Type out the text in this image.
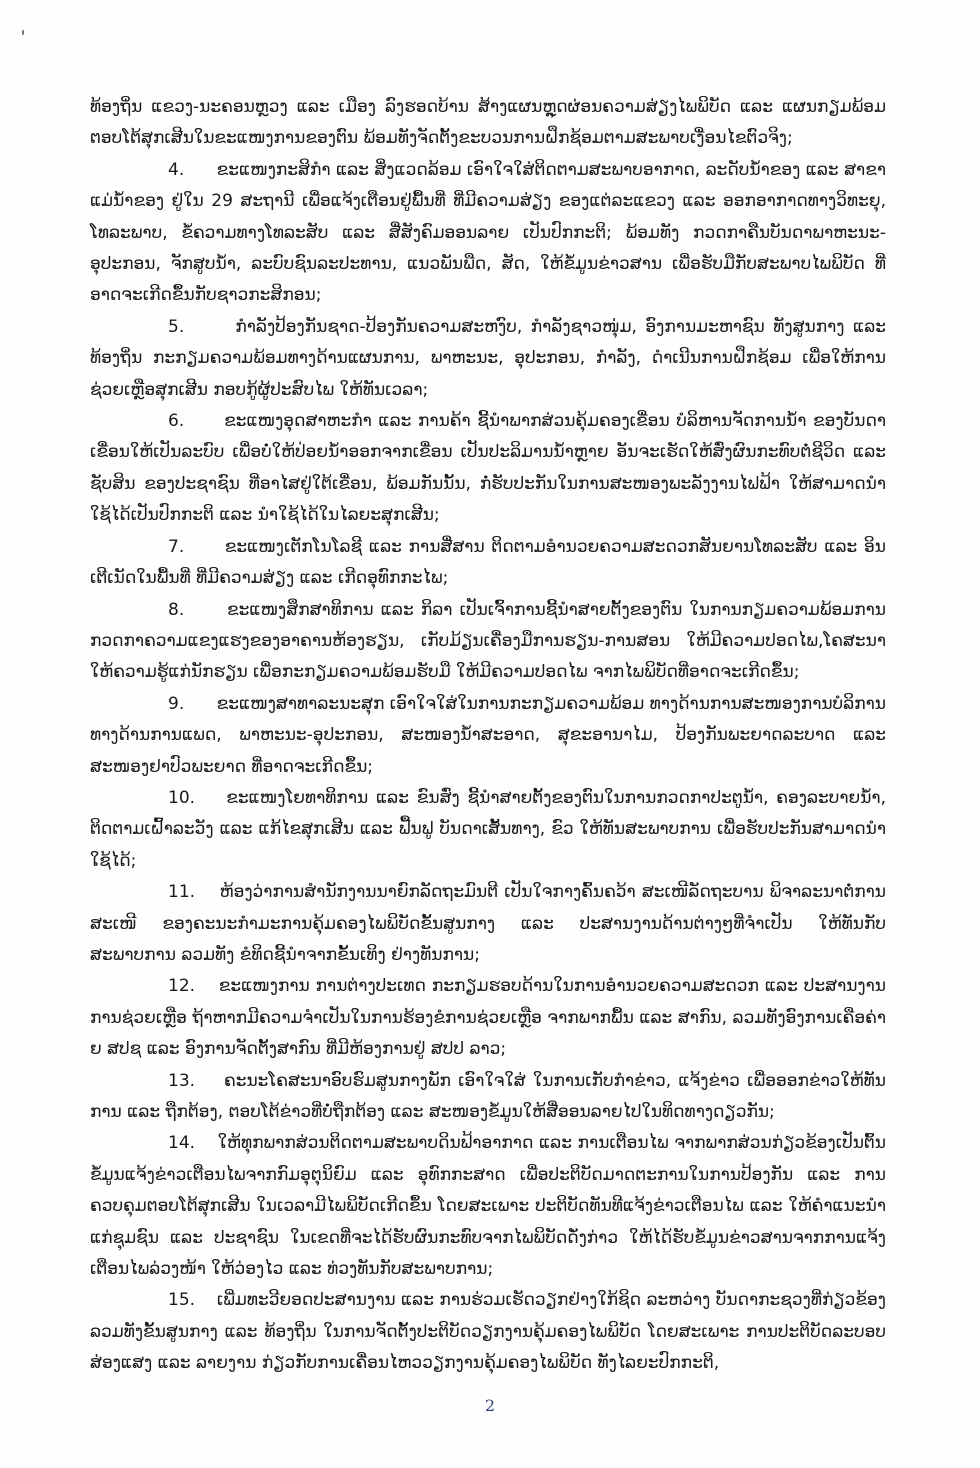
ທ້ອງຖິ່ນ ແຂວງ-ນະຄອນຫຼວງ ແລະ ເມືອງ ລົງຮອດບ້ານ ສ້າງແຜນຫຼຸດຜ່ອນຄວາມສ່ຽງໄພພິບັດ ແລະ ແຜນກຽມພ້ອມຕອບໂຕ້ສຸກເສີນໃນຂະແໜງການຂອງຕົນ ພ້ອມທັງຈັດຕັ້ງຂະບວນການຝຶກຊ້ອມຕາມສະພາບເງື່ອນໄຂຕົວຈິງ;

4. ຂະແໜງກະສິກໍາ ແລະ ສິ່ງແວດລ້ອມ ເອົາໃຈໃສ່ຕິດຕາມສະພາບອາກາດ, ລະດັບນໍ້າຂອງ ແລະ ສາຂາແມ່ນໍ້າຂອງ ຢູ່ໃນ 29 ສະຖານີ ເພື່ອແຈ້ງເຕືອນຢູ່ພື້ນທີ່ ທີ່ມີຄວາມສ່ຽງ ຂອງແຕ່ລະແຂວງ ແລະ ອອກອາກາດທາງວິທະຍຸ, ໂທລະພາບ, ຂໍ້ຄວາມທາງໂທລະສັບ ແລະ ສື່ສັງຄົມອອນລາຍ ເປັນປົກກະຕິ; ພ້ອມທັງ ກວດກາຄືນບັນດາພາຫະນະ-ອຸປະກອນ, ຈັກສູບນໍ້າ, ລະບົບຊົນລະປະທານ, ແນວພັນພືດ, ສັດ, ໃຫ້ຂໍ້ມູນຂ່າວສານ ເພື່ອຮັບມືກັບສະພາບໄພພິບັດ ທີ່ອາດຈະເກີດຂຶ້ນກັບຊາວກະສິກອນ;

5.	ກໍາລັງປ້ອງກັນຊາດ-ປ້ອງກັນຄວາມສະຫງົບ, ກໍາລັງຊາວໜຸ່ມ, ອົງການມະຫາຊົນ ທັງສູນກາງ ແລະ ທ້ອງຖິ່ນ ກະກຽມຄວາມພ້ອມທາງດ້ານແຜນການ, ພາຫະນະ, ອຸປະກອນ, ກໍາລັງ, ດໍາເນີນການຝຶກຊ້ອມ ເພື່ອໃຫ້ການຊ່ວຍເຫຼືອສຸກເສີນ ກອບກູ້ຜູ້ປະສົບໄພ ໃຫ້ທັນເວລາ;

6. ຂະແໜງອຸດສາຫະກໍາ ແລະ ການຄ້າ ຊີ້ນໍາພາກສ່ວນຄຸ້ມຄອງເຂື່ອນ ບໍລິຫານຈັດການນໍ້າ ຂອງບັນດາເຂື່ອນໃຫ້ເປັນລະບົບ ເພື່ອບໍ່ໃຫ້ປ່ອຍນໍ້າອອກຈາກເຂື່ອນ ເປັນປະລິມານນໍ້າຫຼາຍ ອັນຈະເຮັດໃຫ້ສົ່ງຜົນກະທົບຕໍ່ຊີວິດ ແລະ ຊັບສິນ ຂອງປະຊາຊົນ ທີ່ອາໄສຢູ່ໃຕ້ເຂື່ອນ, ພ້ອມກັນນັ້ນ, ກໍ່ຮັບປະກັນໃນການສະໜອງພະລັງງານໄຟຟ້າ ໃຫ້ສາມາດນໍາໃຊ້ໄດ້ເປັນປົກກະຕິ ແລະ ນໍາໃຊ້ໄດ້ໃນໄລຍະສຸກເສີນ;

7. ຂະແໜງເຕັກໂນໂລຊີ ແລະ ການສື່ສານ ຕິດຕາມອໍານວຍຄວາມສະດວກສັນຍານໂທລະສັບ ແລະ ອິນເຕີເນັດໃນພື້ນທີ່ ທີ່ມີຄວາມສ່ຽງ ແລະ ເກີດອຸທົກກະໄພ;

8.	ຂະແໜງສຶກສາທິການ ແລະ ກິລາ ເປັນເຈົ້າການຊີ້ນໍາສາຍຕັ້ງຂອງຕົນ ໃນການກຽມຄວາມພ້ອມການກວດກາຄວາມແຂງແຮງຂອງອາຄານຫ້ອງຮຽນ, ເກັບມ້ຽນເຄື່ອງມືການຮຽນ-ການສອນ ໃຫ້ມີຄວາມປອດໄພ,ໂຄສະນາ ໃຫ້ຄວາມຮູ້ແກ່ນັກຮຽນ ເພື່ອກະກຽມຄວາມພ້ອມຮັບມື ໃຫ້ມີຄວາມປອດໄພ ຈາກໄພພິບັດທີ່ອາດຈະເກີດຂຶ້ນ;

9. ຂະແໜງສາທາລະນະສຸກ ເອົາໃຈໃສ່ໃນການກະກຽມຄວາມພ້ອມ ທາງດ້ານການສະໜອງການບໍລິການທາງດ້ານການແພດ, ພາຫະນະ-ອຸປະກອນ, ສະໜອງນໍ້າສະອາດ, ສຸຂະອານາໄມ, ປ້ອງກັນພະຍາດລະບາດ ແລະ ສະໜອງຢາປົວພະຍາດ ທີ່ອາດຈະເກີດຂຶ້ນ;

10. ຂະແໜງໂຍທາທິການ ແລະ ຂົນສົ່ງ ຊີ້ນໍາສາຍຕັ້ງຂອງຕົນໃນການກວດກາປະຕູນໍ້າ, ຄອງລະບາຍນໍ້າ, ຕິດຕາມເຝົ້າລະວັງ ແລະ ແກ້ໄຂສຸກເສີນ ແລະ ຟື້ນຟູ ບັນດາເສັ້ນທາງ, ຂົວ ໃຫ້ທັນສະພາບການ ເພື່ອຮັບປະກັນສາມາດນໍາໃຊ້ໄດ້;

11. ຫ້ອງວ່າການສໍານັກງານນາຍົກລັດຖະມົນຕີ ເປັນໃຈກາງຄົ້ນຄວ້າ ສະເໜີລັດຖະບານ ພິຈາລະນາຕໍ່ການສະເໜີ ຂອງຄະນະກໍາມະການຄຸ້ມຄອງໄພພິບັດຂັ້ນສູນກາງ ແລະ ປະສານງານດ້ານຕ່າງໆທີ່ຈໍາເປັນ ໃຫ້ທັນກັບສະພາບການ ລວມທັງ ຂໍທິດຊີ້ນໍາຈາກຂັ້ນເທິງ ຢ່າງທັນການ;

12. ຂະແໜງການ ການຕ່າງປະເທດ ກະກຽມຮອບດ້ານໃນການອໍານວຍຄວາມສະດວກ ແລະ ປະສານງານການຊ່ວຍເຫຼືອ ຖ້າຫາກມີຄວາມຈໍາເປັນໃນການຮ້ອງຂໍການຊ່ວຍເຫຼືອ ຈາກພາກພື້ນ ແລະ ສາກົນ, ລວມທັງອົງການເຄືອຄ່າຍ ສປຊ ແລະ ອົງການຈັດຕັ້ງສາກົນ ທີ່ມີຫ້ອງການຢູ່ ສປປ ລາວ;

13. ຄະນະໂຄສະນາອົບຮົມສູນກາງພັກ ເອົາໃຈໃສ່ ໃນການເກັບກໍາຂ່າວ, ແຈ້ງຂ່າວ ເພື່ອອອກຂ່າວໃຫ້ທັນການ ແລະ ຖືກຕ້ອງ, ຕອບໂຕ້ຂ່າວທີ່ບໍ່ຖືກຕ້ອງ ແລະ ສະໜອງຂໍ້ມູນໃຫ້ສື່ອອນລາຍໄປໃນທິດທາງດຽວກັນ;

14. ໃຫ້ທຸກພາກສ່ວນຕິດຕາມສະພາບດິນຟ້າອາກາດ ແລະ ການເຕືອນໄພ ຈາກພາກສ່ວນກ່ຽວຂ້ອງເປັນຕົ້ນ ຂໍ້ມູນແຈ້ງຂ່າວເຕືອນໄພຈາກກົມອຸຕຸນິຍົມ ແລະ ອຸທົກກະສາດ ເພື່ອປະຕິບັດມາດຕະການໃນການປ້ອງກັນ ແລະ ການຄວບຄຸມຕອບໂຕ້ສຸກເສີນ ໃນເວລາມີໄພພິບັດເກີດຂຶ້ນ ໂດຍສະເພາະ ປະຕິບັດທັນທີແຈ້ງຂ່າວເຕືອນໄພ ແລະ ໃຫ້ຄໍາແນະນໍາແກ່ຊຸມຊົນ ແລະ ປະຊາຊົນ ໃນເຂດທີ່ຈະໄດ້ຮັບຜົນກະທົບຈາກໄພພິບັດດັ່ງກ່າວ ໃຫ້ໄດ້ຮັບຂໍ້ມູນຂ່າວສານຈາກການແຈ້ງເຕືອນໄພລ່ວງໜ້າ ໃຫ້ວ່ອງໄວ ແລະ ທ່ວງທັນກັບສະພາບການ;

15. ເພີ່ມທະວີຍອດປະສານງານ ແລະ ການຮ່ວມເຮັດວຽກຢ່າງໃກ້ຊິດ ລະຫວ່າງ ບັນດາກະຊວງທີ່ກ່ຽວຂ້ອງ ລວມທັງຂັ້ນສູນກາງ ແລະ ທ້ອງຖິ່ນ ໃນການຈັດຕັ້ງປະຕິບັດວຽກງານຄຸ້ມຄອງໄພພິບັດ ໂດຍສະເພາະ ການປະຕິບັດລະບອບສ່ອງແສງ ແລະ ລາຍງານ ກ່ຽວກັບການເຄື່ອນໄຫວວຽກງານຄຸ້ມຄອງໄພພິບັດ ທັງໄລຍະປົກກະຕິ,

2
